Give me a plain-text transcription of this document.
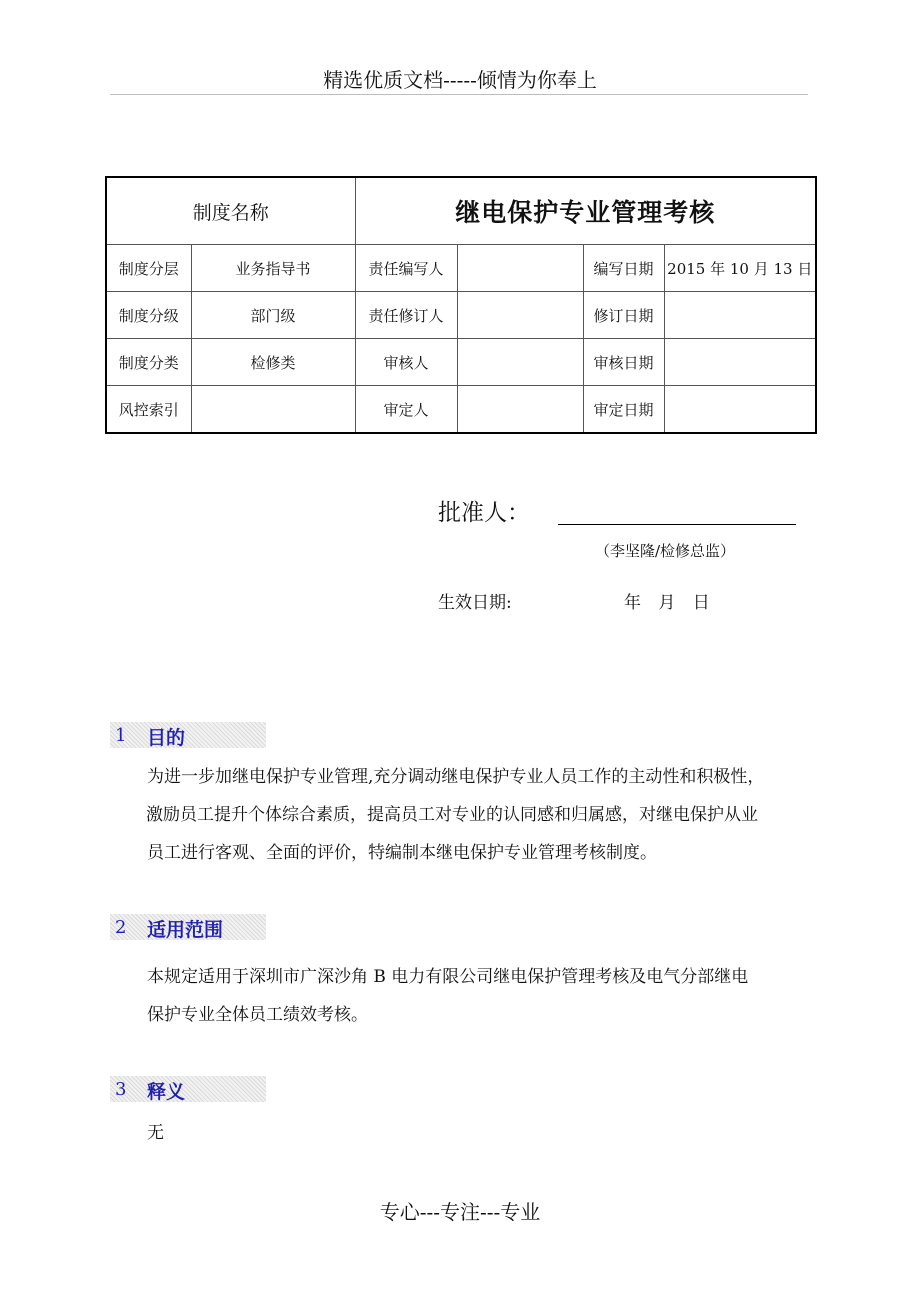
精选优质文档-----倾情为你奉上
制度名称		继电保护专业管理考核			
制度分层	业务指导书	责任编写人		编写日期	2015 年 10 月 13 日
制度分级	部门级	责任修订人		修订日期	
制度分类	检修类	审核人		审核日期	
风控索引		审定人		审定日期	
批准人：
（李坚隆/检修总监）
生效日期:	年 月 日
1 目的
为进一步加继电保护专业管理,充分调动继电保护专业人员工作的主动性和积极性，
激励员工提升个体综合素质，提高员工对专业的认同感和归属感，对继电保护从业
员工进行客观、全面的评价，特编制本继电保护专业管理考核制度。
2 适用范围
本规定适用于深圳市广深沙角 B 电力有限公司继电保护管理考核及电气分部继电
保护专业全体员工绩效考核。
3 释义
无
专心---专注---专业
